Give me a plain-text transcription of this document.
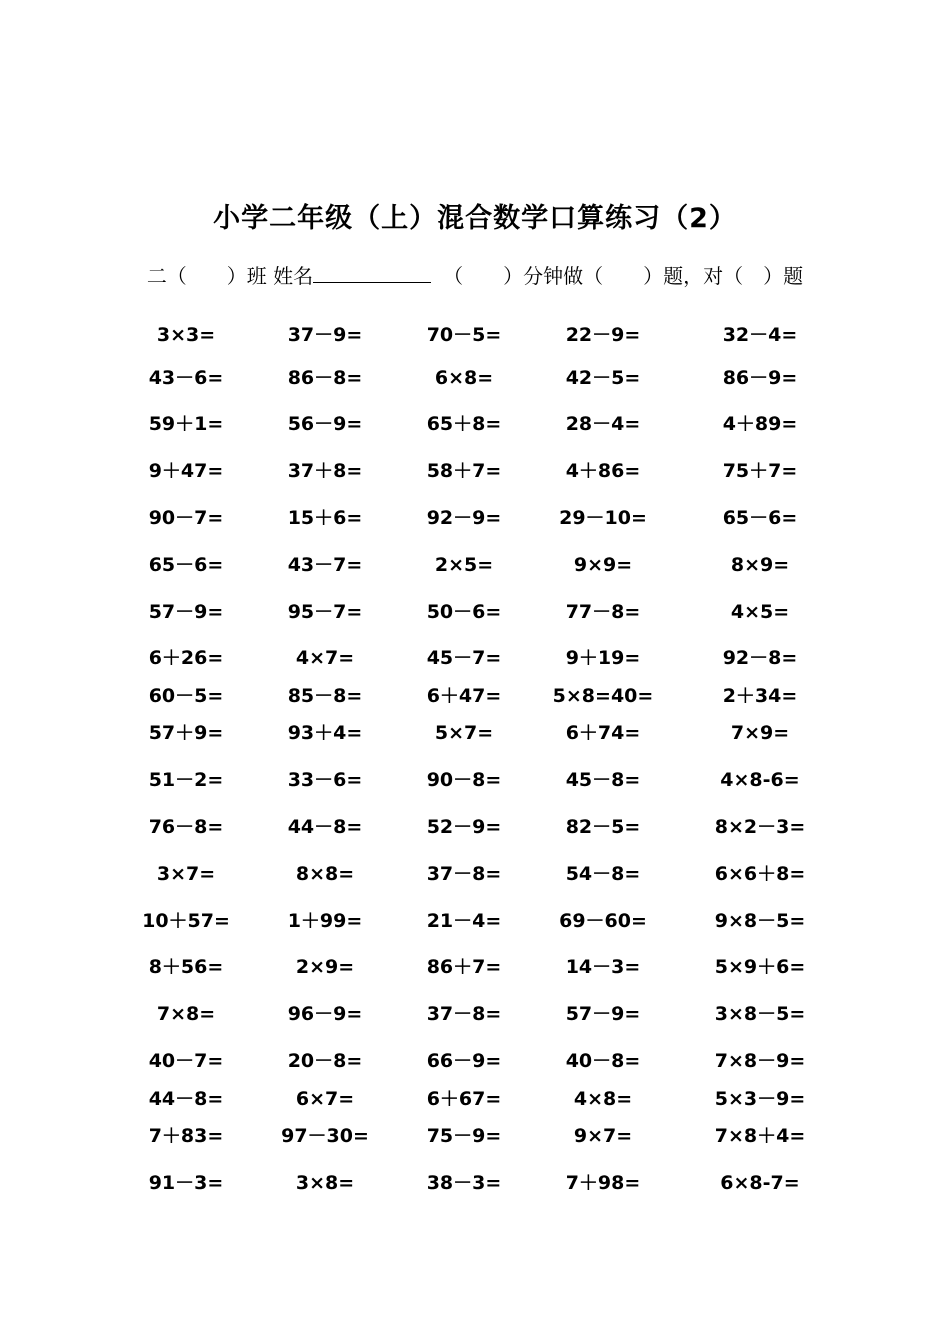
小学二年级（上）混合数学口算练习（2）
二（　　）班 姓名	（　　）分钟做（　　）题，对（　）题
3×3=	37－9=	70－5=	22－9=	32－4=
43－6=	86－8=	6×8=	42－5=	86－9=
59＋1=	56－9=	65＋8=	28－4=	4＋89=
9＋47=	37＋8=	58＋7=	4＋86=	75＋7=
90－7=	15＋6=	92－9=	29－10=	65－6=
65－6=	43－7=	2×5=	9×9=	8×9=
57－9=	95－7=	50－6=	77－8=	4×5=
6＋26=	4×7=	45－7=	9＋19=	92－8=
60－5=	85－8=	6＋47=	5×8=40=	2＋34=
57＋9=	93＋4=	5×7=	6＋74=	7×9=
51－2=	33－6=	90－8=	45－8=	4×8-6=
76－8=	44－8=	52－9=	82－5=	8×2－3=
3×7=	8×8=	37－8=	54－8=	6×6＋8=
10＋57=	1＋99=	21－4=	69－60=	9×8－5=
8＋56=	2×9=	86＋7=	14－3=	5×9＋6=
7×8=	96－9=	37－8=	57－9=	3×8－5=
40－7=	20－8=	66－9=	40－8=	7×8－9=
44－8=	6×7=	6＋67=	4×8=	5×3－9=
7＋83=	97－30=	75－9=	9×7=	7×8＋4=
91－3=	3×8=	38－3=	7＋98=	6×8-7=
